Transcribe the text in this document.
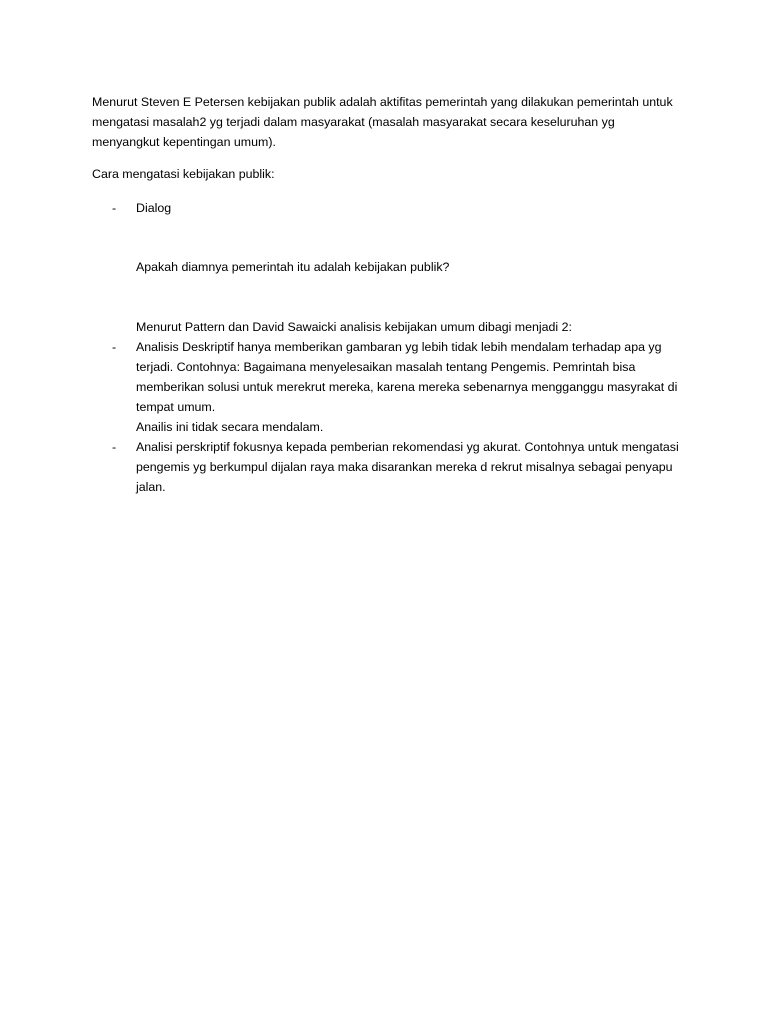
Menurut Steven E Petersen kebijakan publik adalah aktifitas pemerintah yang dilakukan pemerintah untuk mengatasi masalah2 yg terjadi dalam masyarakat (masalah masyarakat secara keseluruhan yg menyangkut kepentingan umum).

Cara mengatasi kebijakan publik:

-	Dialog

Apakah diamnya pemerintah itu adalah kebijakan publik?

Menurut Pattern dan David Sawaicki analisis kebijakan umum dibagi menjadi 2:

-	Analisis Deskriptif hanya memberikan gambaran yg lebih tidak lebih mendalam terhadap apa yg terjadi. Contohnya: Bagaimana menyelesaikan masalah tentang Pengemis. Pemrintah bisa memberikan solusi untuk merekrut mereka, karena mereka sebenarnya mengganggu masyrakat di tempat umum.

Anailis ini tidak secara mendalam.

-	Analisi perskriptif fokusnya kepada pemberian rekomendasi yg akurat. Contohnya untuk mengatasi pengemis yg berkumpul dijalan raya maka disarankan mereka d rekrut misalnya sebagai penyapu jalan.
